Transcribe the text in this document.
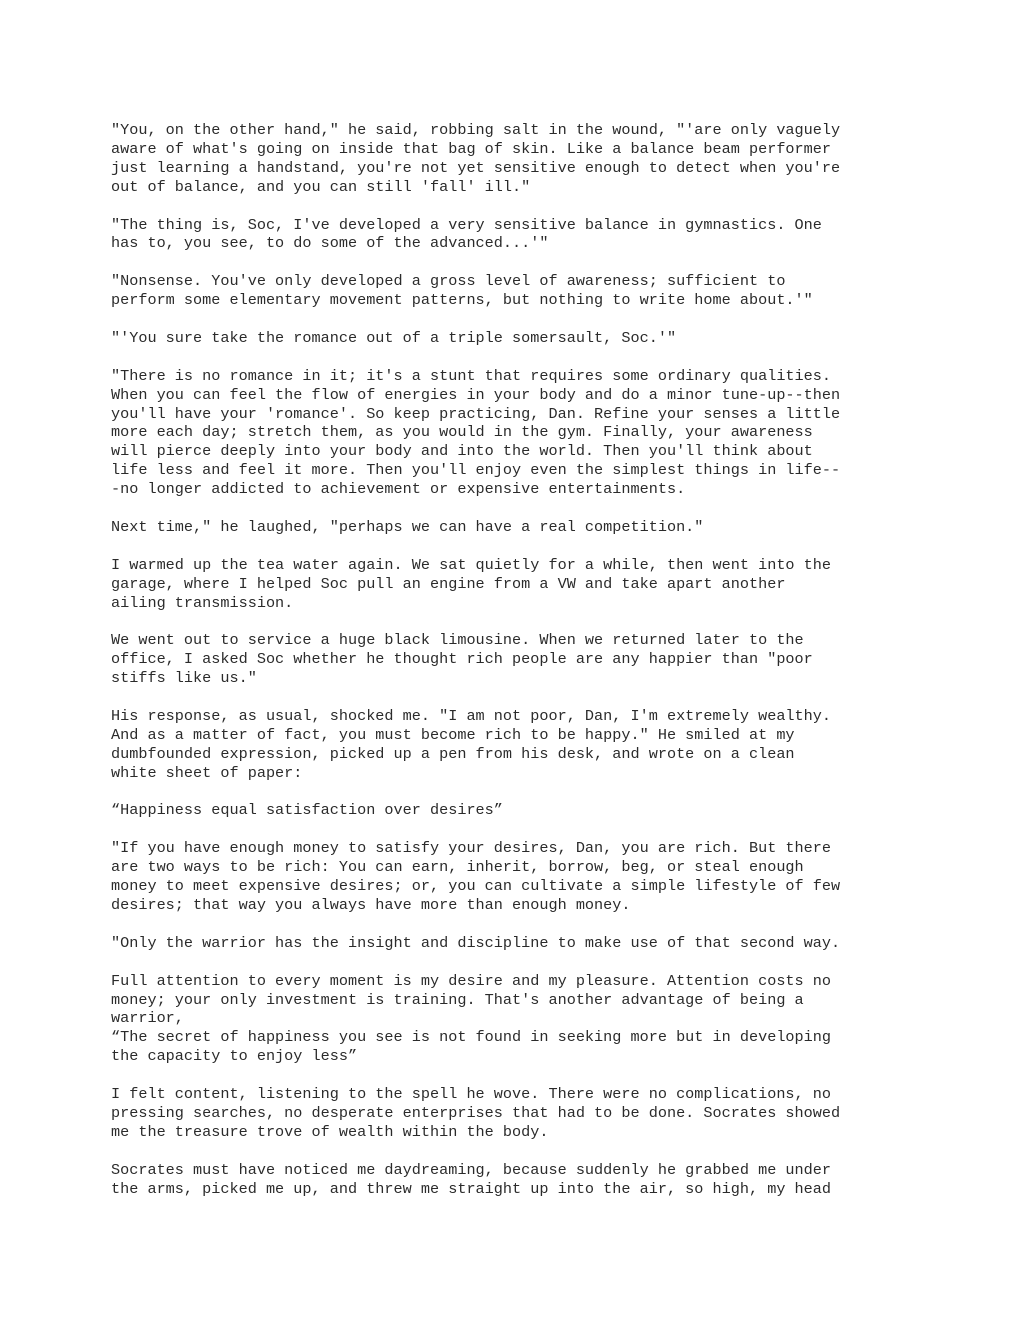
"You, on the other hand," he said, robbing salt in the wound, "'are only vaguely
aware of what's going on inside that bag of skin. Like a balance beam performer
just learning a handstand, you're not yet sensitive enough to detect when you're
out of balance, and you can still 'fall' ill."

"The thing is, Soc, I've developed a very sensitive balance in gymnastics. One
has to, you see, to do some of the advanced...'"

"Nonsense. You've only developed a gross level of awareness; sufficient to
perform some elementary movement patterns, but nothing to write home about.'"

"'You sure take the romance out of a triple somersault, Soc.'"

"There is no romance in it; it's a stunt that requires some ordinary qualities.
When you can feel the flow of energies in your body and do a minor tune-up--then
you'll have your 'romance'. So keep practicing, Dan. Refine your senses a little
more each day; stretch them, as you would in the gym. Finally, your awareness
will pierce deeply into your body and into the world. Then you'll think about
life less and feel it more. Then you'll enjoy even the simplest things in life--
-no longer addicted to achievement or expensive entertainments.

Next time," he laughed, "perhaps we can have a real competition."

I warmed up the tea water again. We sat quietly for a while, then went into the
garage, where I helped Soc pull an engine from a VW and take apart another
ailing transmission.

We went out to service a huge black limousine. When we returned later to the
office, I asked Soc whether he thought rich people are any happier than "poor
stiffs like us."

His response, as usual, shocked me. "I am not poor, Dan, I'm extremely wealthy.
And as a matter of fact, you must become rich to be happy." He smiled at my
dumbfounded expression, picked up a pen from his desk, and wrote on a clean
white sheet of paper:

“Happiness equal satisfaction over desires”

"If you have enough money to satisfy your desires, Dan, you are rich. But there
are two ways to be rich: You can earn, inherit, borrow, beg, or steal enough
money to meet expensive desires; or, you can cultivate a simple lifestyle of few
desires; that way you always have more than enough money.

"Only the warrior has the insight and discipline to make use of that second way.

Full attention to every moment is my desire and my pleasure. Attention costs no
money; your only investment is training. That's another advantage of being a
warrior,
“The secret of happiness you see is not found in seeking more but in developing
the capacity to enjoy less”

I felt content, listening to the spell he wove. There were no complications, no
pressing searches, no desperate enterprises that had to be done. Socrates showed
me the treasure trove of wealth within the body.

Socrates must have noticed me daydreaming, because suddenly he grabbed me under
the arms, picked me up, and threw me straight up into the air, so high, my head
